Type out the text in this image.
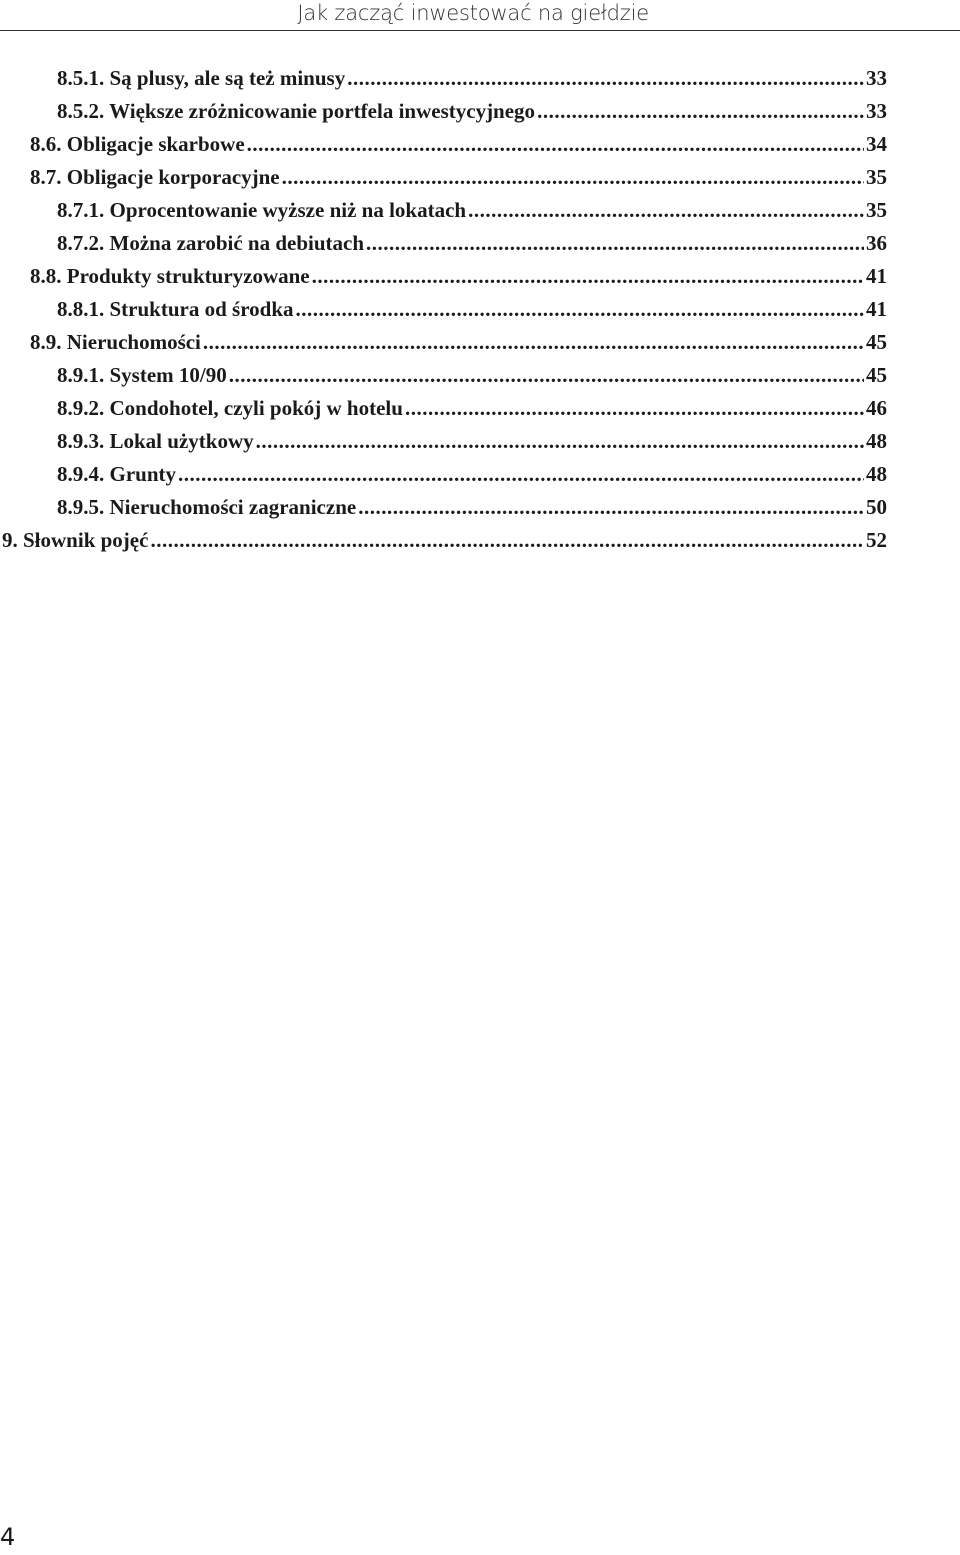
Jak zacząć inwestować na giełdzie
8.5.1. Są plusy, ale są też minusy .....	33
8.5.2. Większe zróżnicowanie portfela inwestycyjnego .....	33
8.6. Obligacje skarbowe .....	34
8.7. Obligacje korporacyjne .....	35
8.7.1. Oprocentowanie wyższe niż na lokatach .....	35
8.7.2. Można zarobić na debiutach .....	36
8.8. Produkty strukturyzowane .....	41
8.8.1. Struktura od środka .....	41
8.9. Nieruchomości .....	45
8.9.1. System 10/90 .....	45
8.9.2. Condohotel, czyli pokój w hotelu .....	46
8.9.3. Lokal użytkowy .....	48
8.9.4. Grunty .....	48
8.9.5. Nieruchomości zagraniczne .....	50
9. Słownik pojęć .....	52
4
